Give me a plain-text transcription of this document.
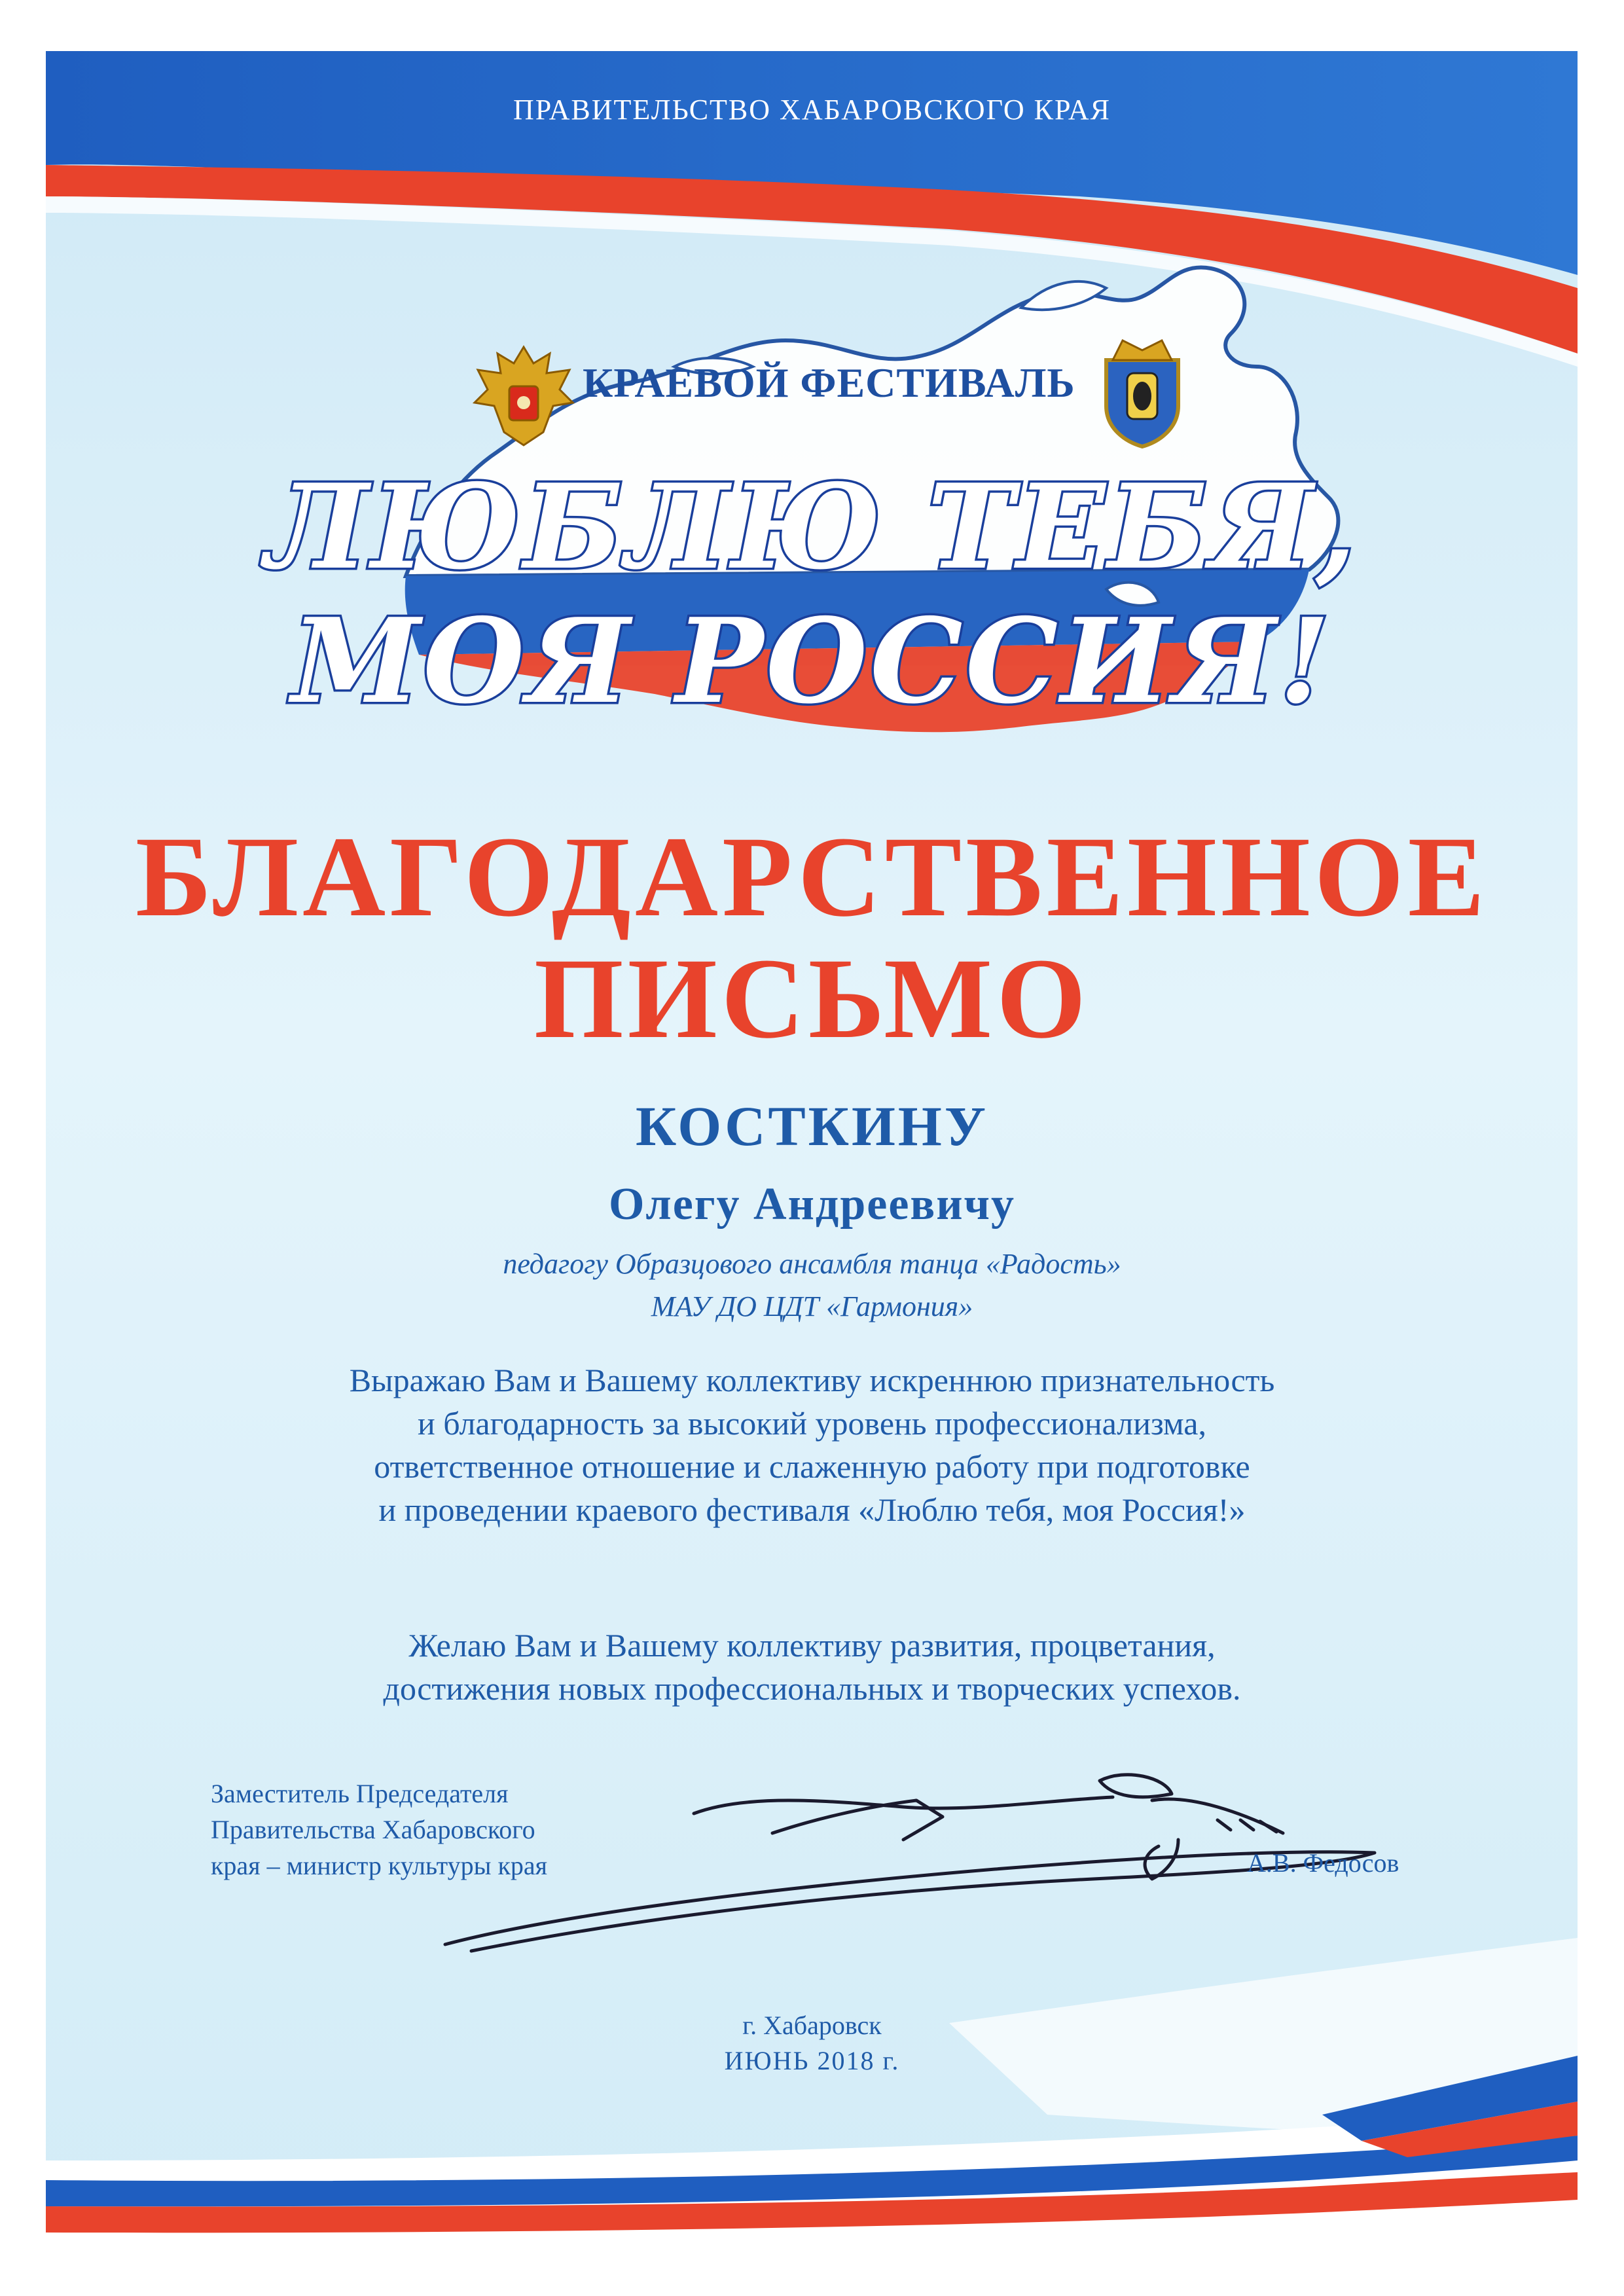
ПРАВИТЕЛЬСТВО ХАБАРОВСКОГО КРАЯ
КРАЕВОЙ ФЕСТИВАЛЬ
ЛЮБЛЮ ТЕБЯ,
МОЯ РОССИЯ!
БЛАГОДАРСТВЕННОЕ
ПИСЬМО
КОСТКИНУ
Олегу Андреевичу
педагогу Образцового ансамбля танца «Радость»
МАУ ДО ЦДТ «Гармония»
Выражаю Вам и Вашему коллективу искреннюю признательность
и благодарность за высокий уровень профессионализма,
ответственное отношение и слаженную работу при подготовке
и проведении краевого фестиваля «Люблю тебя, моя Россия!»
Желаю Вам и Вашему коллективу развития, процветания,
достижения новых профессиональных и творческих успехов.
Заместитель Председателя
Правительства Хабаровского
края – министр культуры края	А.В. Федосов
г. Хабаровск
ИЮНЬ 2018 г.
